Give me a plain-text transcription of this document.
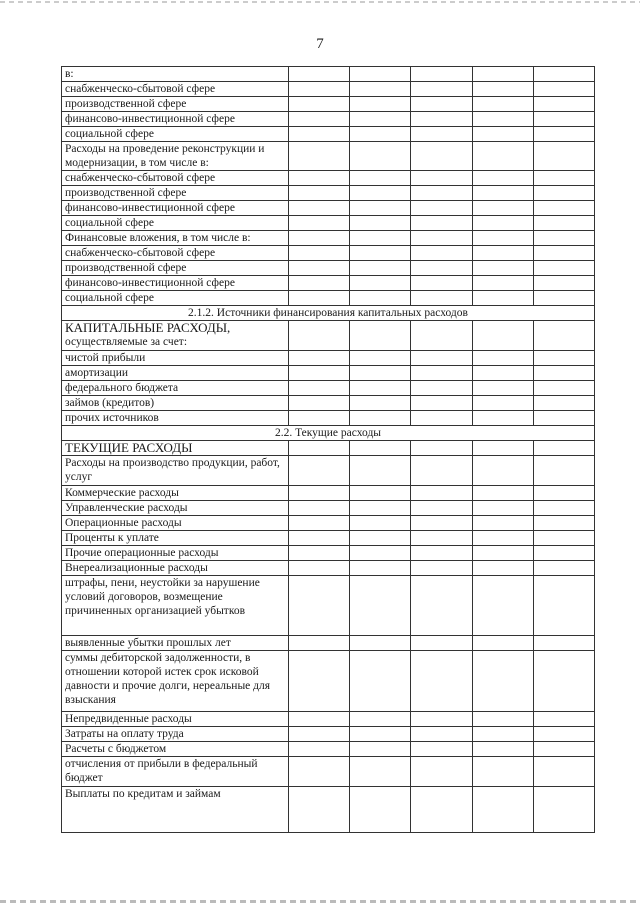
7
в:					
снабженческо-сбытовой сфере					
производственной сфере					
финансово-инвестиционной сфере					
социальной сфере					
Расходы на проведение реконструкции и модернизации, в том числе в:					
снабженческо-сбытовой сфере					
производственной сфере					
финансово-инвестиционной сфере					
социальной сфере					
Финансовые вложения, в том числе в:					
снабженческо-сбытовой сфере					
производственной сфере					
финансово-инвестиционной сфере					
социальной сфере					
2.1.2. Источники финансирования капитальных расходов					

КАПИТАЛЬНЫЕ РАСХОДЫ,
осуществляемые за счет:					

чистой прибыли					
амортизации					
федерального бюджета					
займов (кредитов)					
прочих источников					
2.2. Текущие расходы					
ТЕКУЩИЕ РАСХОДЫ					
Расходы на производство продукции, работ, услуг					
Коммерческие расходы					
Управленческие расходы					
Операционные расходы					
Проценты к уплате					
Прочие операционные расходы					
Внереализационные расходы					
штрафы, пени, неустойки за нарушение условий договоров, возмещение причиненных организацией убытков					
выявленные убытки прошлых лет					
суммы дебиторской задолженности, в отношении которой истек срок исковой давности и прочие долги, нереальные для взыскания					
Непредвиденные расходы					
Затраты на оплату труда					
Расчеты с бюджетом					
отчисления от прибыли в федеральный бюджет					
Выплаты по кредитам и займам					
